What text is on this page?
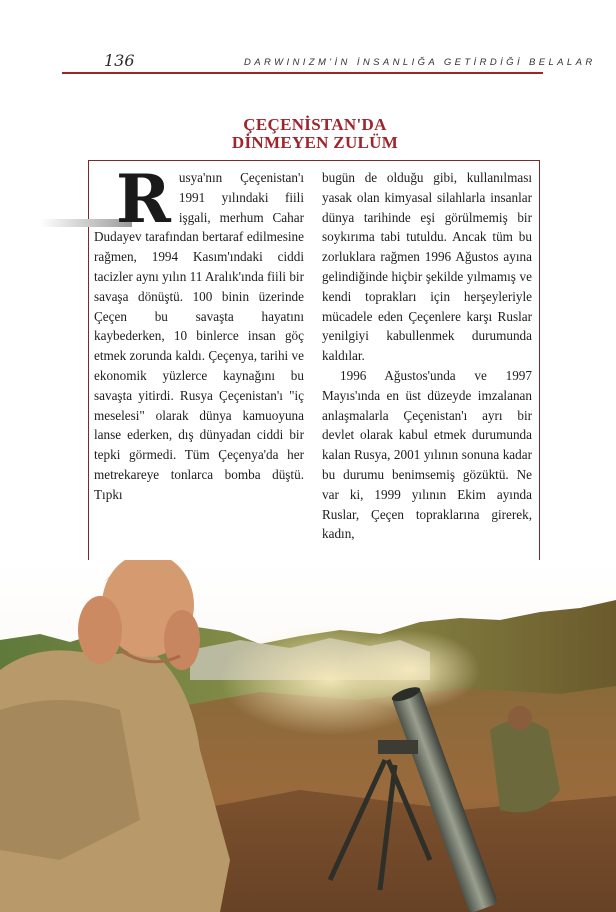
136	DARWINIZM'İN İNSANLIĞA GETİRDİĞİ BELALAR
ÇEÇENİSTAN'DA
DİNMEYEN ZULÜM
R usya'nın Çeçenistan'ı 1991 yılındaki fiili işgali, merhum Cahar Dudayev tarafından bertaraf edilmesine rağmen, 1994 Kasım'ındaki ciddi tacizler aynı yılın 11 Aralık'ında fiili bir savaşa dönüştü. 100 binin üzerinde Çeçen bu savaşta hayatını kaybederken, 10 binlerce insan göç etmek zorunda kaldı. Çeçenya, tarihi ve ekonomik yüzlerce kaynağını bu savaşta yitirdi. Rusya Çeçenistan'ı "iç meselesi" olarak dünya kamuoyuna lanse ederken, dış dünyadan ciddi bir tepki görmedi. Tüm Çeçenya'da her metrekareye tonlarca bomba düştü. Tıpkı
bugün de olduğu gibi, kullanılması yasak olan kimyasal silahlarla insanlar dünya tarihinde eşi görülmemiş bir soykırıma tabi tutuldu. Ancak tüm bu zorluklara rağmen 1996 Ağustos ayına gelindiğinde hiçbir şekilde yılmamış ve kendi toprakları için herşeyleriyle mücadele eden Çeçenlere karşı Ruslar yenilgiyi kabullenmek durumunda kaldılar.
1996 Ağustos'unda ve 1997 Mayıs'ında en üst düzeyde imzalanan anlaşmalarla Çeçenistan'ı ayrı bir devlet olarak kabul etmek durumunda kalan Rusya, 2001 yılının sonuna kadar bu durumu benimsemiş gözüktü. Ne var ki, 1999 yılının Ekim ayında Ruslar, Çeçen topraklarına girerek, kadın,
